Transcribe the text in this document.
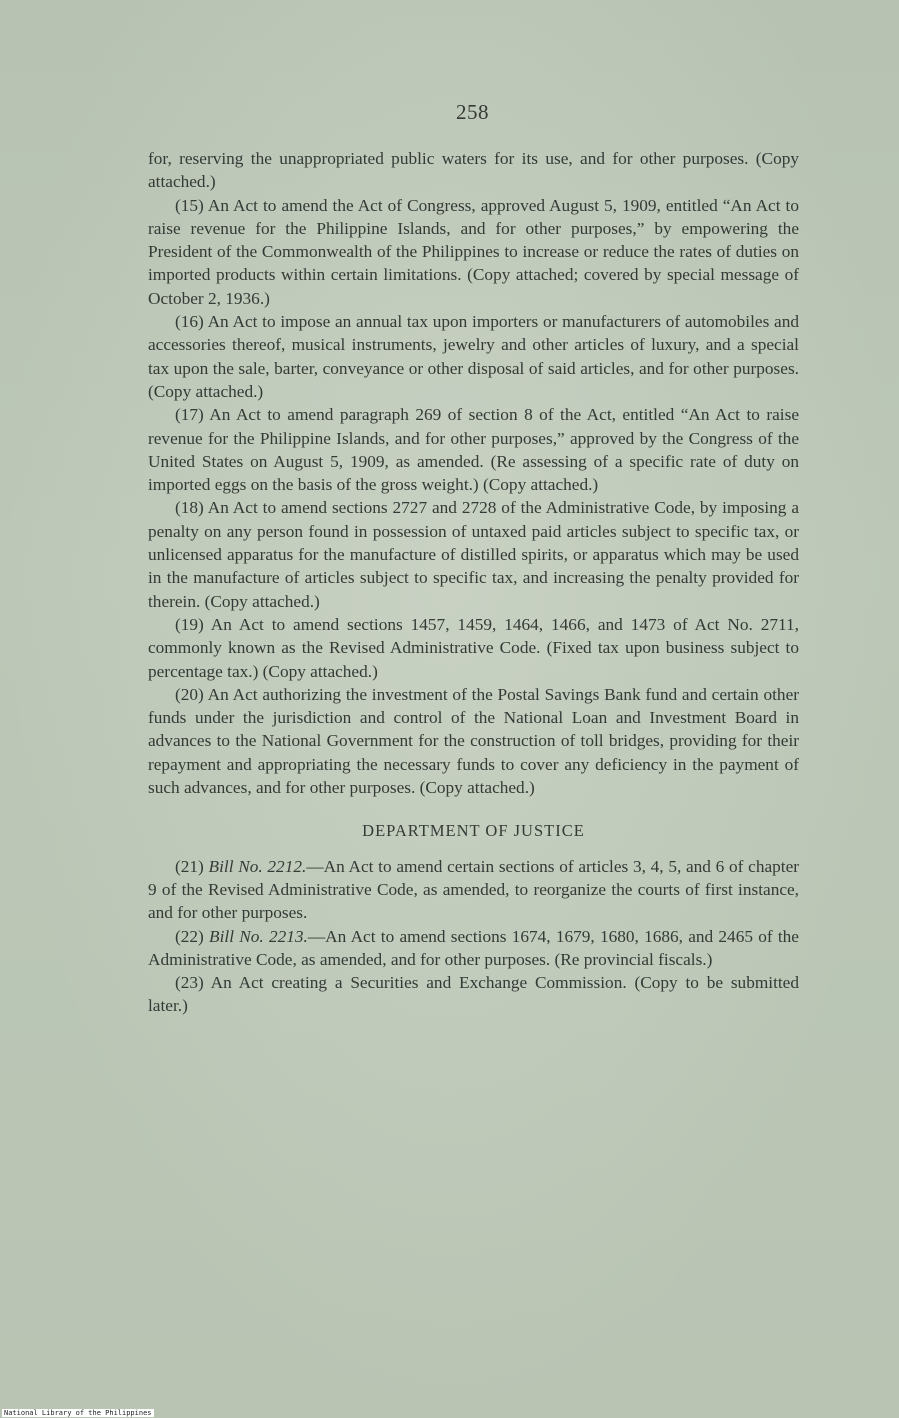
258

for, reserving the unappropriated public waters for its use, and for other purposes. (Copy attached.)

(15) An Act to amend the Act of Congress, approved August 5, 1909, entitled “An Act to raise revenue for the Philippine Islands, and for other purposes,” by empowering the President of the Commonwealth of the Philippines to increase or reduce the rates of duties on imported products within certain limitations. (Copy attached; covered by special message of October 2, 1936.)

(16) An Act to impose an annual tax upon importers or manufacturers of automobiles and accessories thereof, musical instruments, jewelry and other articles of luxury, and a special tax upon the sale, barter, conveyance or other disposal of said articles, and for other purposes. (Copy attached.)

(17) An Act to amend paragraph 269 of section 8 of the Act, entitled “An Act to raise revenue for the Philippine Islands, and for other purposes,” approved by the Congress of the United States on August 5, 1909, as amended. (Re assessing of a specific rate of duty on imported eggs on the basis of the gross weight.) (Copy attached.)

(18) An Act to amend sections 2727 and 2728 of the Administrative Code, by imposing a penalty on any person found in possession of untaxed paid articles subject to specific tax, or unlicensed apparatus for the manufacture of distilled spirits, or apparatus which may be used in the manufacture of articles subject to specific tax, and increasing the penalty provided for therein. (Copy attached.)

(19) An Act to amend sections 1457, 1459, 1464, 1466, and 1473 of Act No. 2711, commonly known as the Revised Administrative Code. (Fixed tax upon business subject to percentage tax.) (Copy attached.)

(20) An Act authorizing the investment of the Postal Savings Bank fund and certain other funds under the jurisdiction and control of the National Loan and Investment Board in advances to the National Government for the construction of toll bridges, providing for their repayment and appropriating the necessary funds to cover any deficiency in the payment of such advances, and for other purposes. (Copy attached.)

DEPARTMENT OF JUSTICE

(21) Bill No. 2212.—An Act to amend certain sections of articles 3, 4, 5, and 6 of chapter 9 of the Revised Administrative Code, as amended, to reorganize the courts of first instance, and for other purposes.

(22) Bill No. 2213.—An Act to amend sections 1674, 1679, 1680, 1686, and 2465 of the Administrative Code, as amended, and for other purposes. (Re provincial fiscals.)

(23) An Act creating a Securities and Exchange Commission. (Copy to be submitted later.)

National Library of the Philippines
